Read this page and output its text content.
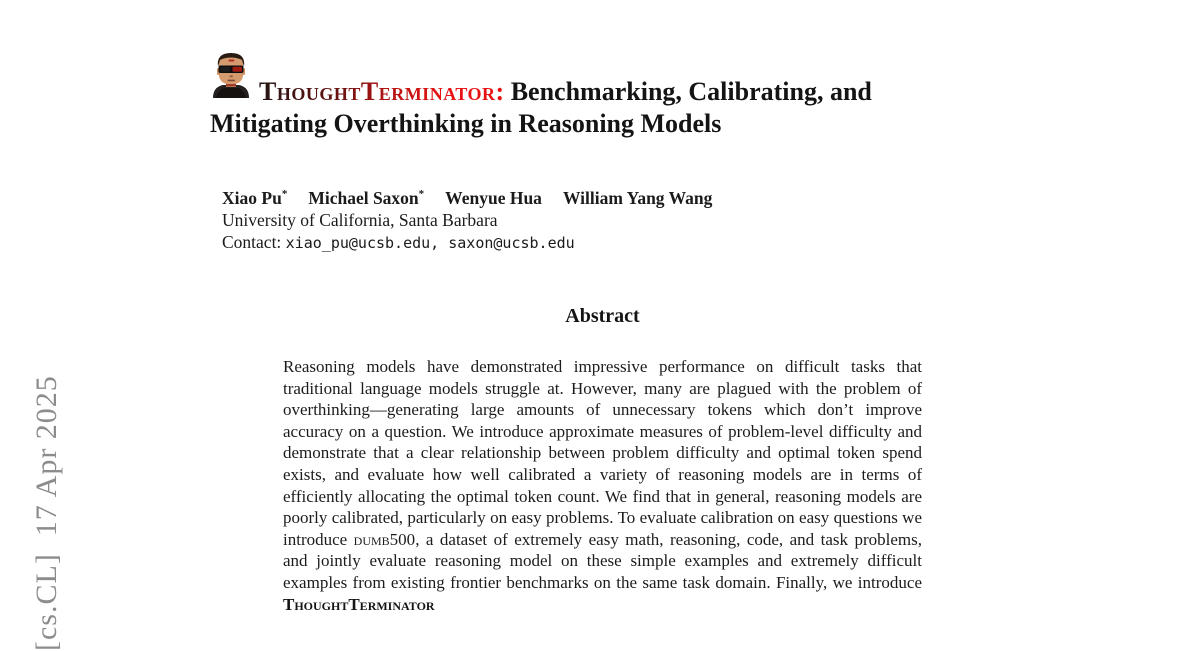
[cs.CL]  17 Apr 2025
ThoughtTerminator: Benchmarking, Calibrating, and
Mitigating Overthinking in Reasoning Models
Xiao Pu* Michael Saxon* Wenyue Hua William Yang Wang
University of California, Santa Barbara
Contact: xiao_pu@ucsb.edu, saxon@ucsb.edu
Abstract
Reasoning models have demonstrated impressive performance on difficult tasks that traditional language models struggle at. However, many are plagued with the problem of overthinking—generating large amounts of unnecessary tokens which don’t improve accuracy on a question. We introduce approximate measures of problem-level difficulty and demonstrate that a clear relationship between problem difficulty and optimal token spend exists, and evaluate how well calibrated a variety of reasoning models are in terms of efficiently allocating the optimal token count. We find that in general, reasoning models are poorly calibrated, particularly on easy problems. To evaluate calibration on easy questions we introduce dumb500, a dataset of extremely easy math, reasoning, code, and task problems, and jointly evaluate reasoning model on these simple examples and extremely difficult examples from existing frontier benchmarks on the same task domain. Finally, we introduce ThoughtTerminator
